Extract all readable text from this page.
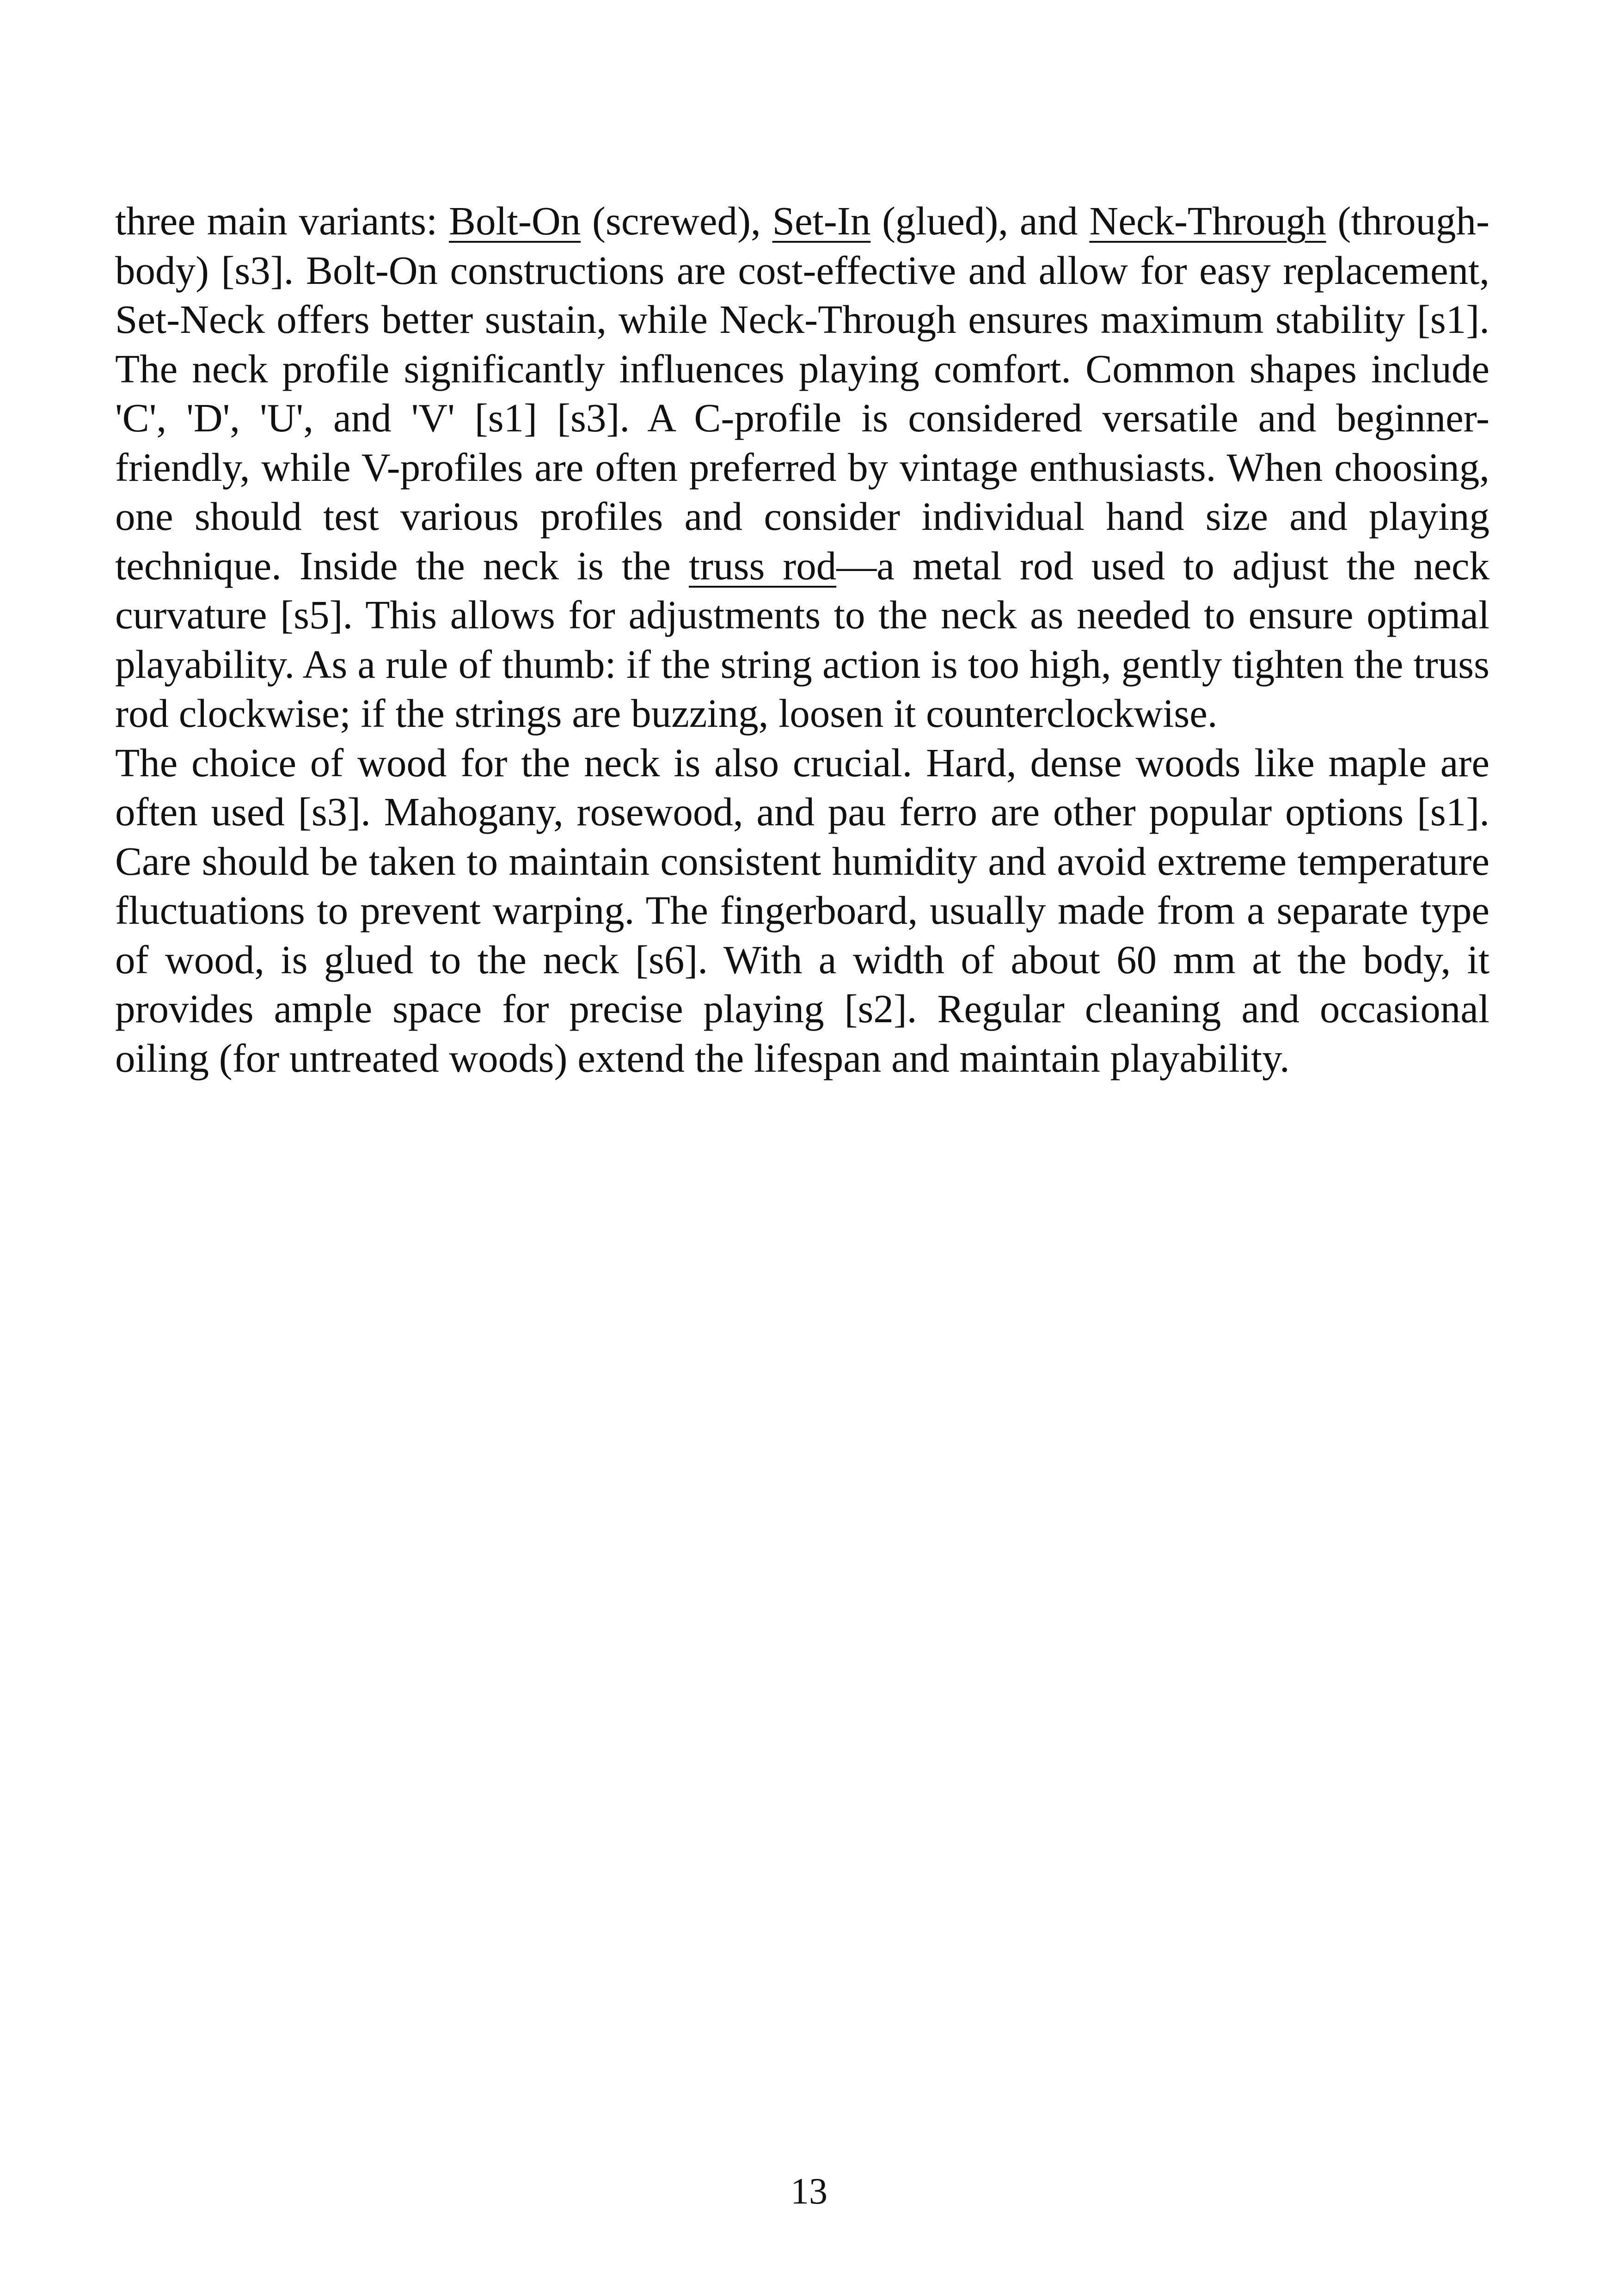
three main variants: Bolt-On (screwed), Set-In (glued), and Neck-Through (through-body) [s3]. Bolt-On constructions are cost-effective and allow for easy replacement, Set-Neck offers better sustain, while Neck-Through ensures maximum stability [s1]. The neck profile significantly influences playing comfort. Common shapes include 'C', 'D', 'U', and 'V' [s1] [s3]. A C-profile is considered versatile and beginner-friendly, while V-profiles are often preferred by vintage enthusiasts. When choosing, one should test various profiles and consider individual hand size and playing technique. Inside the neck is the truss rod—a metal rod used to adjust the neck curvature [s5]. This allows for adjustments to the neck as needed to ensure optimal playability. As a rule of thumb: if the string action is too high, gently tighten the truss rod clockwise; if the strings are buzzing, loosen it counterclockwise.

The choice of wood for the neck is also crucial. Hard, dense woods like maple are often used [s3]. Mahogany, rosewood, and pau ferro are other popular options [s1]. Care should be taken to maintain consistent humidity and avoid extreme temperature fluctuations to prevent warping. The fingerboard, usually made from a separate type of wood, is glued to the neck [s6]. With a width of about 60 mm at the body, it provides ample space for precise playing [s2]. Regular cleaning and occasional oiling (for untreated woods) extend the lifespan and maintain playability.

13
